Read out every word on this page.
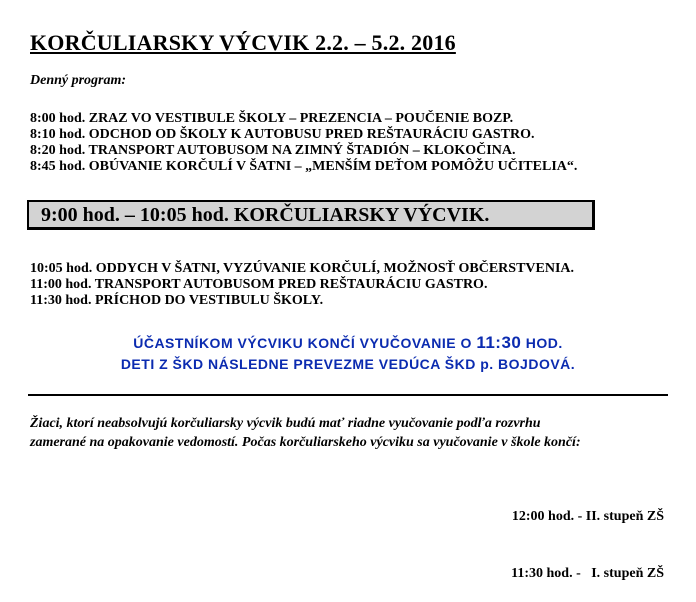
KORČULIARSKY VÝCVIK 2.2. – 5.2. 2016
Denný program:
8:00 hod. ZRAZ VO VESTIBULE ŠKOLY – PREZENCIA – POUČENIE BOZP.
8:10 hod. ODCHOD OD ŠKOLY K AUTOBUSU PRED REŠTAURÁCIU GASTRO.
8:20 hod. TRANSPORT AUTOBUSOM NA ZIMNÝ ŠTADIÓN – KLOKOČINA.
8:45 hod. OBÚVANIE KORČULÍ V ŠATNI – „MENŠÍM DEŤOM POMÔŽU UČITELIA“.
9:00 hod. – 10:05 hod. KORČULIARSKY VÝCVIK.
10:05 hod. ODDYCH V ŠATNI, VYZÚVANIE KORČULÍ, MOŽNOSŤ OBČERSTVENIA.
11:00 hod. TRANSPORT AUTOBUSOM PRED REŠTAURÁCIU GASTRO.
11:30 hod. PRÍCHOD DO VESTIBULU ŠKOLY.
ÚČASTNÍKOM VÝCVIKU KONČÍ VYUČOVANIE O 11:30 HOD.
DETI Z ŠKD NÁSLEDNE PREVEZME VEDÚCA ŠKD p. BOJDOVÁ.
Žiaci, ktorí neabsolvujú korčuliarsky výcvik budú mať riadne vyučovanie podľa rozvrhu
zamerané na opakovanie vedomostí. Počas korčuliarskeho výcviku sa vyučovanie v škole končí:

12:00 hod. - II. stupeň ZŠ

11:30 hod. -   I. stupeň ZŠ
